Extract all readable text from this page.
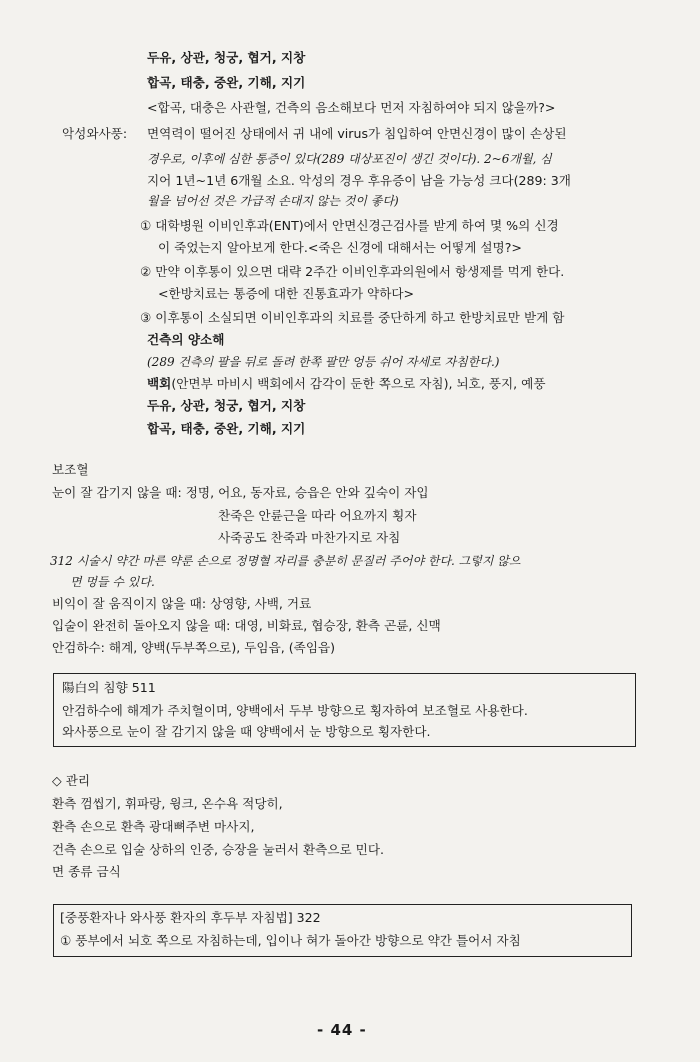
두유, 상관, 청궁, 협거, 지창
합곡, 태충, 중완, 기해, 지기
<합곡, 대충은 사관혈, 건측의 음소해보다 먼저 자침하여야 되지 않을까?>
악성와사풍: 면역력이 떨어진 상태에서 귀 내에 virus가 침입하여 안면신경이 많이 손상된
경우로, 이후에 심한 통증이 있다(289 대상포진이 생긴 것이다). 2~6개월, 심
지어 1년~1년 6개월 소요. 악성의 경우 후유증이 남을 가능성 크다(289: 3개
월을 넘어선 것은 가급적 손대지 않는 것이 좋다)
① 대학병원 이비인후과(ENT)에서 안면신경근검사를 받게 하여 몇 %의 신경
이 죽었는지 알아보게 한다.<죽은 신경에 대해서는 어떻게 설명?>
② 만약 이후통이 있으면 대략 2주간 이비인후과의원에서 항생제를 먹게 한다.
<한방치료는 통증에 대한 진통효과가 약하다>
③ 이후통이 소실되면 이비인후과의 치료를 중단하게 하고 한방치료만 받게 함
건측의 양소해
(289 건측의 팔을 뒤로 돌려 한쪽 팔만 엉등 쉬어 자세로 자침한다.)
백회(안면부 마비시 백회에서 감각이 둔한 쪽으로 자침), 뇌호, 풍지, 예풍
두유, 상관, 청궁, 협거, 지창
합곡, 태충, 중완, 기해, 지기
보조혈
눈이 잘 감기지 않을 때: 정명, 어요, 동자료, 승읍은 안와 깊숙이 자입
찬죽은 안륜근을 따라 어요까지 횡자
사죽공도 찬죽과 마찬가지로 자침
312 시술시 약간 마른 약룬 손으로 정명혈 자리를 충분히 문질러 주어야 한다. 그렇지 않으
면 멍들 수 있다.
비익이 잘 움직이지 않을 때: 상영향, 사백, 거료
입술이 완전히 돌아오지 않을 때: 대영, 비화료, 협승장, 환측 곤륜, 신맥
안검하수: 해계, 양백(두부쪽으로), 두임읍, (족임읍)
陽白의 침향 511
안검하수에 해계가 주치혈이며, 양백에서 두부 방향으로 횡자하여 보조혈로 사용한다.
와사풍으로 눈이 잘 감기지 않을 때 양백에서 눈 방향으로 횡자한다.
◇ 관리
환측 껌씹기, 휘파랑, 윙크, 온수욕 적당히,
환측 손으로 환측 광대뼈주변 마사지,
건측 손으로 입술 상하의 인중, 승장을 눌러서 환측으로 민다.
면 종류 금식
[중풍환자나 와사풍 환자의 후두부 자침법] 322
① 풍부에서 뇌호 쪽으로 자침하는데, 입이나 혀가 돌아간 방향으로 약간 틀어서 자침
- 44 -
